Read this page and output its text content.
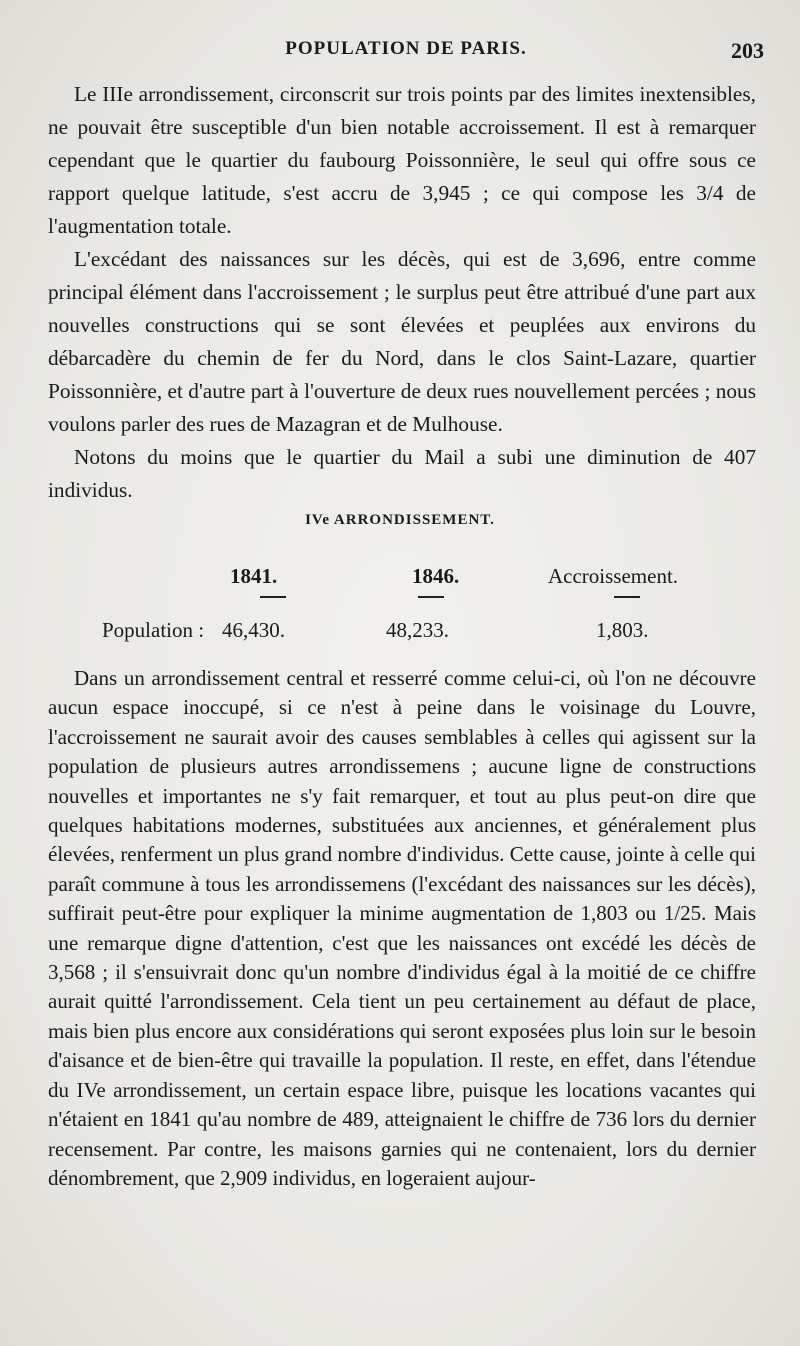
POPULATION DE PARIS.	203

Le IIIe arrondissement, circonscrit sur trois points par des limites inextensibles, ne pouvait être susceptible d'un bien notable accroissement. Il est à remarquer cependant que le quartier du faubourg Poissonnière, le seul qui offre sous ce rapport quelque latitude, s'est accru de 3,945 ; ce qui compose les 3/4 de l'augmentation totale.

L'excédant des naissances sur les décès, qui est de 3,696, entre comme principal élément dans l'accroissement ; le surplus peut être attribué d'une part aux nouvelles constructions qui se sont élevées et peuplées aux environs du débarcadère du chemin de fer du Nord, dans le clos Saint-Lazare, quartier Poissonnière, et d'autre part à l'ouverture de deux rues nouvellement percées ; nous voulons parler des rues de Mazagran et de Mulhouse.

Notons du moins que le quartier du Mail a subi une diminution de 407 individus.

IVe ARRONDISSEMENT.
1841.	1846.	Accroissement.
Population : 46,430.	48,233.	1,803.

Dans un arrondissement central et resserré comme celui-ci, où l'on ne découvre aucun espace inoccupé, si ce n'est à peine dans le voisinage du Louvre, l'accroissement ne saurait avoir des causes semblables à celles qui agissent sur la population de plusieurs autres arrondissemens ; aucune ligne de constructions nouvelles et importantes ne s'y fait remarquer, et tout au plus peut-on dire que quelques habitations modernes, substituées aux anciennes, et généralement plus élevées, renferment un plus grand nombre d'individus. Cette cause, jointe à celle qui paraît commune à tous les arrondissemens (l'excédant des naissances sur les décès), suffirait peut-être pour expliquer la minime augmentation de 1,803 ou 1/25. Mais une remarque digne d'attention, c'est que les naissances ont excédé les décès de 3,568 ; il s'ensuivrait donc qu'un nombre d'individus égal à la moitié de ce chiffre aurait quitté l'arrondissement. Cela tient un peu certainement au défaut de place, mais bien plus encore aux considérations qui seront exposées plus loin sur le besoin d'aisance et de bien-être qui travaille la population. Il reste, en effet, dans l'étendue du IVe arrondissement, un certain espace libre, puisque les locations vacantes qui n'étaient en 1841 qu'au nombre de 489, atteignaient le chiffre de 736 lors du dernier recensement. Par contre, les maisons garnies qui ne contenaient, lors du dernier dénombrement, que 2,909 individus, en logeraient aujour-
